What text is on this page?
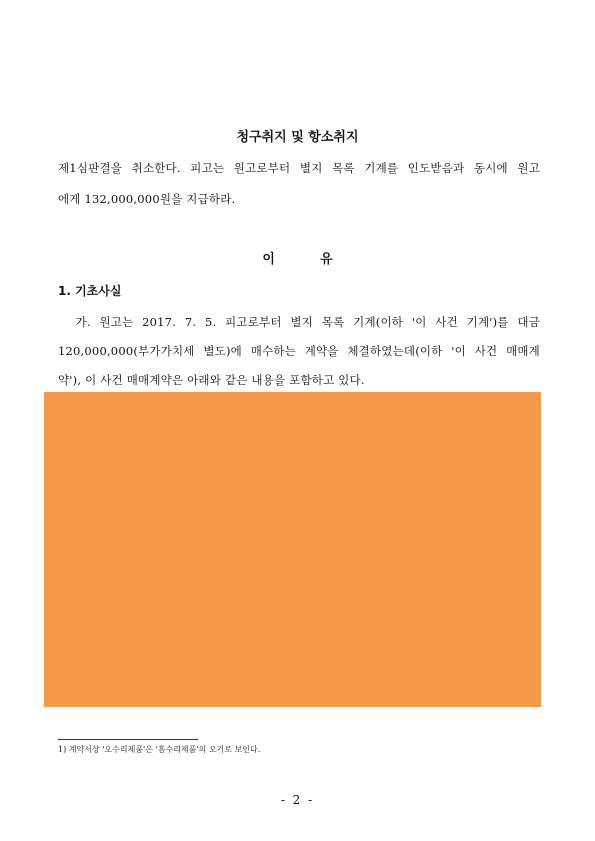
청구취지 및 항소취지
제1심판결을 취소한다. 피고는 원고로부터 별지 목록 기계를 인도받음과 동시에 원고
에게 132,000,000원을 지급하라.
이          유
1. 기초사실
가. 원고는 2017. 7. 5. 피고로부터 별지 목록 기계(이하 '이 사건 기계')를 대금
120,000,000(부가가치세 별도)에 매수하는 계약을 체결하였는데(이하 '이 사건 매매계
약'), 이 사건 매매계약은 아래와 같은 내용을 포함하고 있다.
1) 계약서상 '오수리제품'은 '흠수리제품'의 오기로 보인다.
- 2 -
